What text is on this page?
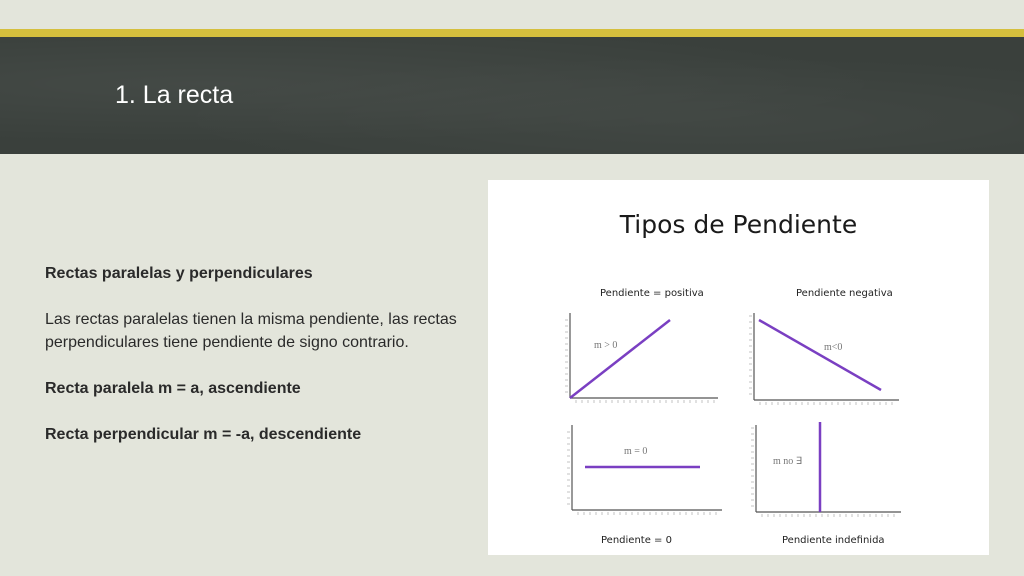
1. La recta

Rectas paralelas y perpendiculares

Las rectas paralelas tienen la misma pendiente, las rectas perpendiculares tiene pendiente de signo contrario.

Recta paralela m = a, ascendiente

Recta perpendicular m = -a, descendiente

Tipos de Pendiente
Pendiente = positiva
m > 0
Pendiente negativa
m<0
m = 0
Pendiente = 0
m no ∃
Pendiente indefinida
